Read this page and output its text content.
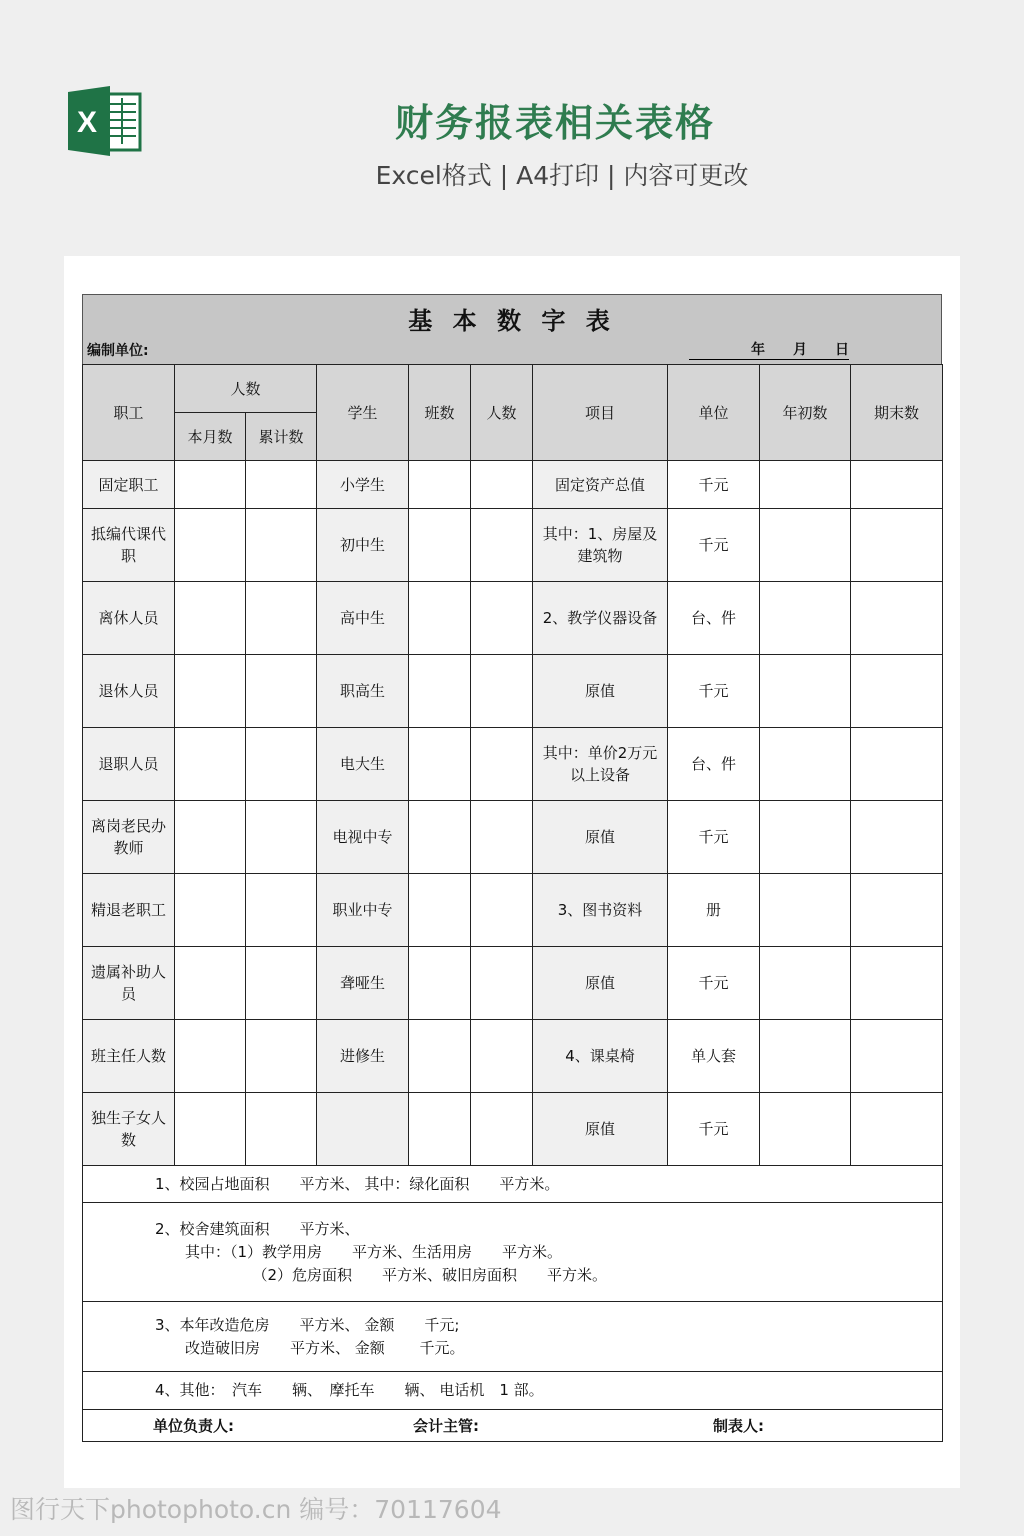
X	财务报表相关表格
Excel格式 | A4打印 | 内容可更改
基 本 数 字 表
编制单位:	年 月 日
职工	人数		学生	班数	人数	项目	单位	年初数	期末数
	本月数	累计数							
固定职工			小学生			固定资产总值	千元		
抵编代课代职			初中生			其中：1、房屋及建筑物	千元		
离休人员			高中生			2、教学仪器设备	台、件		
退休人员			职高生			原值	千元		
退职人员			电大生			其中：单价2万元以上设备	台、件		
离岗老民办教师			电视中专			原值	千元		
精退老职工			职业中专			3、图书资料	册		
遗属补助人员			聋哑生			原值	千元		
班主任人数			进修生			4、课桌椅	单人套		
独生子女人数						原值	千元		

1、校园占地面积　　平方米、 其中：绿化面积　　平方米。									

2、校舍建筑面积　　平方米、
　　其中：（1）教学用房　　平方米、生活用房　　平方米。
　　　　　　　（2）危房面积　　平方米、破旧房面积　　平方米。									

3、本年改造危房　　平方米、 金额　　千元;
　　改造破旧房　　平方米、 金额　　 千元。									

4、其他：　汽车　　辆、　摩托车　　辆、 电话机　1 部。									

单位负责人: 会计主管: 制表人:									
图行天下photophoto.cn 编号：70117604
